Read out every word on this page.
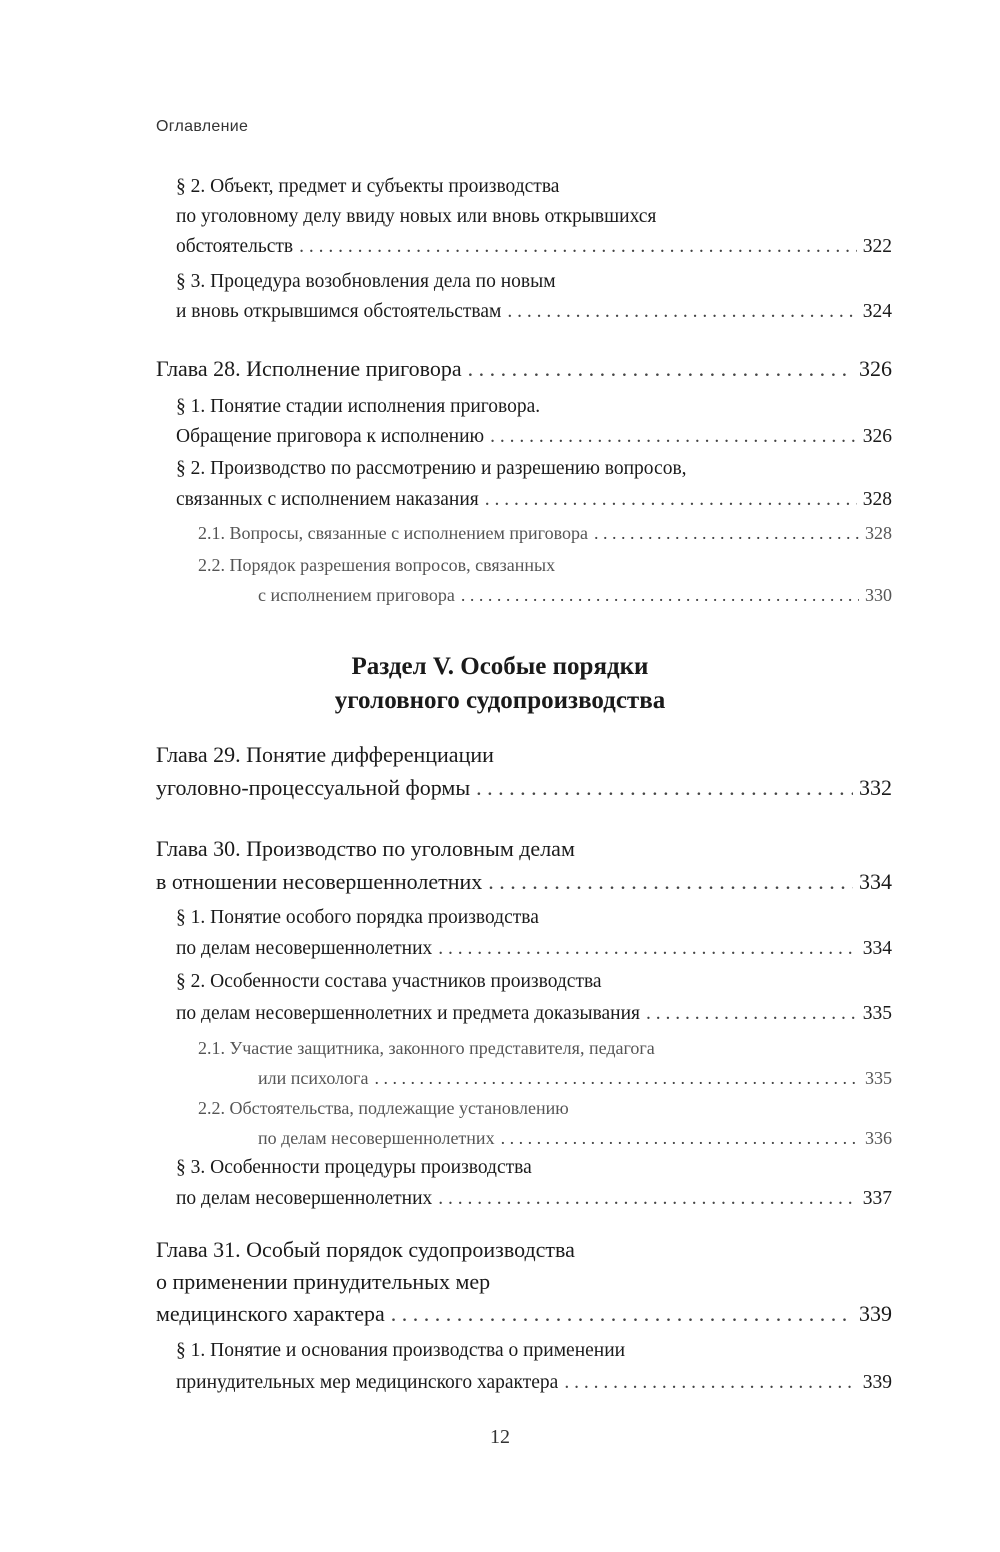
Оглавление
§ 2. Объект, предмет и субъекты производства
по уголовному делу ввиду новых или вновь открывшихся
обстоятельств . . .	322
§ 3. Процедура возобновления дела по новым
и вновь открывшимся обстоятельствам . . .	324
Глава 28. Исполнение приговора . . .	326
§ 1. Понятие стадии исполнения приговора.
Обращение приговора к исполнению . . .	326
§ 2. Производство по рассмотрению и разрешению вопросов,
связанных с исполнением наказания . . .	328
2.1. Вопросы, связанные с исполнением приговора . . .	328
2.2. Порядок разрешения вопросов, связанных
с исполнением приговора . . .	330
Раздел V. Особые порядки
уголовного судопроизводства
Глава 29. Понятие дифференциации
уголовно-процессуальной формы . . .	332
Глава 30. Производство по уголовным делам
в отношении несовершеннолетних . . .	334
§ 1. Понятие особого порядка производства
по делам несовершеннолетних . . .	334
§ 2. Особенности состава участников производства
по делам несовершеннолетних и предмета доказывания . . .	335
2.1. Участие защитника, законного представителя, педагога
или психолога . . .	335
2.2. Обстоятельства, подлежащие установлению
по делам несовершеннолетних . . .	336
§ 3. Особенности процедуры производства
по делам несовершеннолетних . . .	337
Глава 31. Особый порядок судопроизводства
о применении принудительных мер
медицинского характера . . .	339
§ 1. Понятие и основания производства о применении
принудительных мер медицинского характера . . .	339
12
